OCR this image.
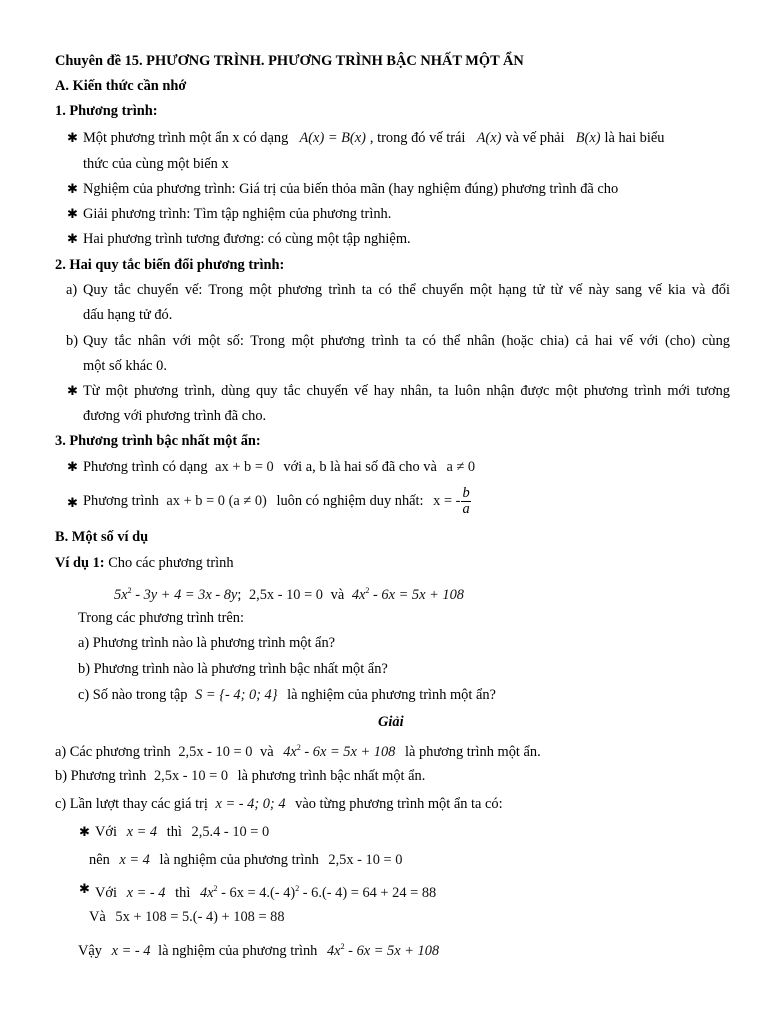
Chuyên đề 15. PHƯƠNG TRÌNH. PHƯƠNG TRÌNH BẬC NHẤT MỘT ẨN
A. Kiến thức cần nhớ
1. Phương trình:
✱ Một phương trình một ẩn x có dạng A(x) = B(x) , trong đó vế trái A(x) và vế phải B(x) là hai biểu
thức của cùng một biến x
✱ Nghiệm của phương trình: Giá trị của biến thỏa mãn (hay nghiệm đúng) phương trình đã cho
✱ Giải phương trình: Tìm tập nghiệm của phương trình.
✱ Hai phương trình tương đương: có cùng một tập nghiệm.
2. Hai quy tắc biến đổi phương trình:
a) Quy tắc chuyển vế: Trong một phương trình ta có thể chuyển một hạng tử từ vế này sang vế kia và đổi
dấu hạng tử đó.
b) Quy tắc nhân với một số: Trong một phương trình ta có thể nhân (hoặc chia) cả hai vế với (cho) cùng
một số khác 0.
✱ Từ một phương trình, dùng quy tắc chuyển vế hay nhân, ta luôn nhận được một phương trình mới tương
đương với phương trình đã cho.
3. Phương trình bậc nhất một ẩn:
✱ Phương trình có dạng ax + b = 0 với a, b là hai số đã cho và a ≠ 0
✱ Phương trình ax + b = 0 (a ≠ 0) luôn có nghiệm duy nhất: x = - $\frac{b}{a}$
B. Một số ví dụ
Ví dụ 1: Cho các phương trình
$5x^2 - 3y + 4 = 3x - 8y$; 2,5x - 10 = 0 và $4x^2 - 6x = 5x + 108$
Trong các phương trình trên:
a) Phương trình nào là phương trình một ẩn?
b) Phương trình nào là phương trình bậc nhất một ẩn?
c) Số nào trong tập S = {- 4; 0; 4} là nghiệm của phương trình một ẩn?
Giải
a) Các phương trình 2,5x - 10 = 0 và $4x^2 - 6x = 5x + 108$ là phương trình một ẩn.
b) Phương trình 2,5x - 10 = 0 là phương trình bậc nhất một ẩn.
c) Lần lượt thay các giá trị x = - 4; 0; 4 vào từng phương trình một ẩn ta có:
✱ Với x = 4 thì 2,5.4 - 10 = 0
nên x = 4 là nghiệm của phương trình 2,5x - 10 = 0
✱ Với x = - 4 thì $4x^2 - 6x = 4.(-$ 4)$^2$ - 6.(- 4) = 64 + 24 = 88
Và 5x + 108 = 5.(- 4) + 108 = 88
Vậy x = - 4 là nghiệm của phương trình $4x^2 - 6x = 5x + 108$
